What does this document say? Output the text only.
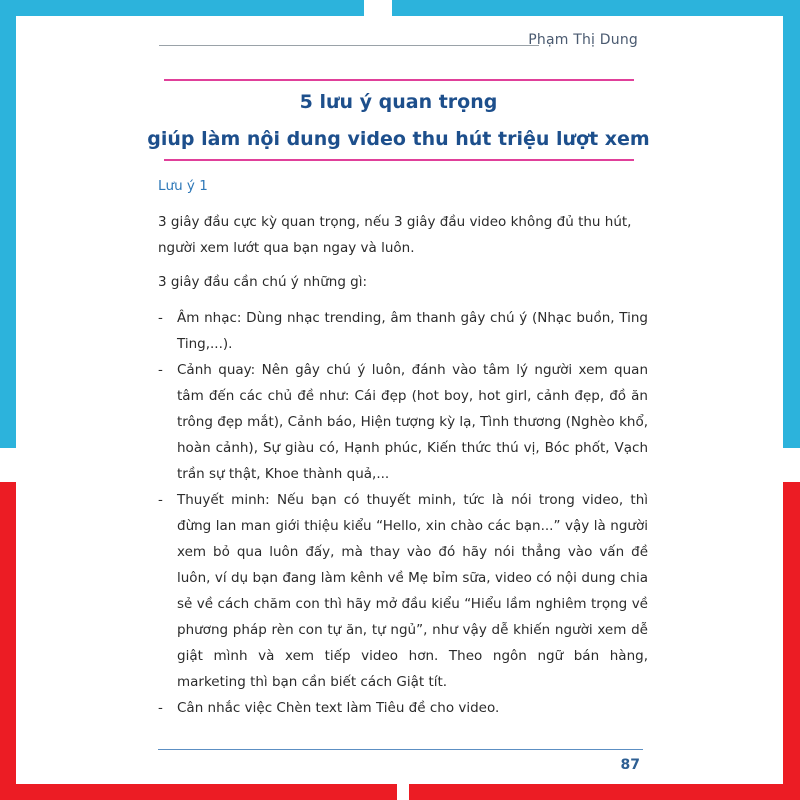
Phạm Thị Dung
5 lưu ý quan trọng
giúp làm nội dung video thu hút triệu lượt xem
Lưu ý 1
3 giây đầu cực kỳ quan trọng, nếu 3 giây đầu video không đủ thu hút, người xem lướt qua bạn ngay và luôn.
3 giây đầu cần chú ý những gì:
- Âm nhạc: Dùng nhạc trending, âm thanh gây chú ý (Nhạc buồn, Ting Ting,...).
- Cảnh quay: Nên gây chú ý luôn, đánh vào tâm lý người xem quan tâm đến các chủ đề như: Cái đẹp (hot boy, hot girl, cảnh đẹp, đồ ăn trông đẹp mắt), Cảnh báo, Hiện tượng kỳ lạ, Tình thương (Nghèo khổ, hoàn cảnh), Sự giàu có, Hạnh phúc, Kiến thức thú vị, Bóc phốt, Vạch trần sự thật, Khoe thành quả,...
- Thuyết minh: Nếu bạn có thuyết minh, tức là nói trong video, thì đừng lan man giới thiệu kiểu “Hello, xin chào các bạn...” vậy là người xem bỏ qua luôn đấy, mà thay vào đó hãy nói thẳng vào vấn đề luôn, ví dụ bạn đang làm kênh về Mẹ bỉm sữa, video có nội dung chia sẻ về cách chăm con thì hãy mở đầu kiểu “Hiểu lầm nghiêm trọng về phương pháp rèn con tự ăn, tự ngủ”, như vậy dễ khiến người xem dễ giật mình và xem tiếp video hơn. Theo ngôn ngữ bán hàng, marketing thì bạn cần biết cách Giật tít.
- Cân nhắc việc Chèn text làm Tiêu đề cho video.
87
